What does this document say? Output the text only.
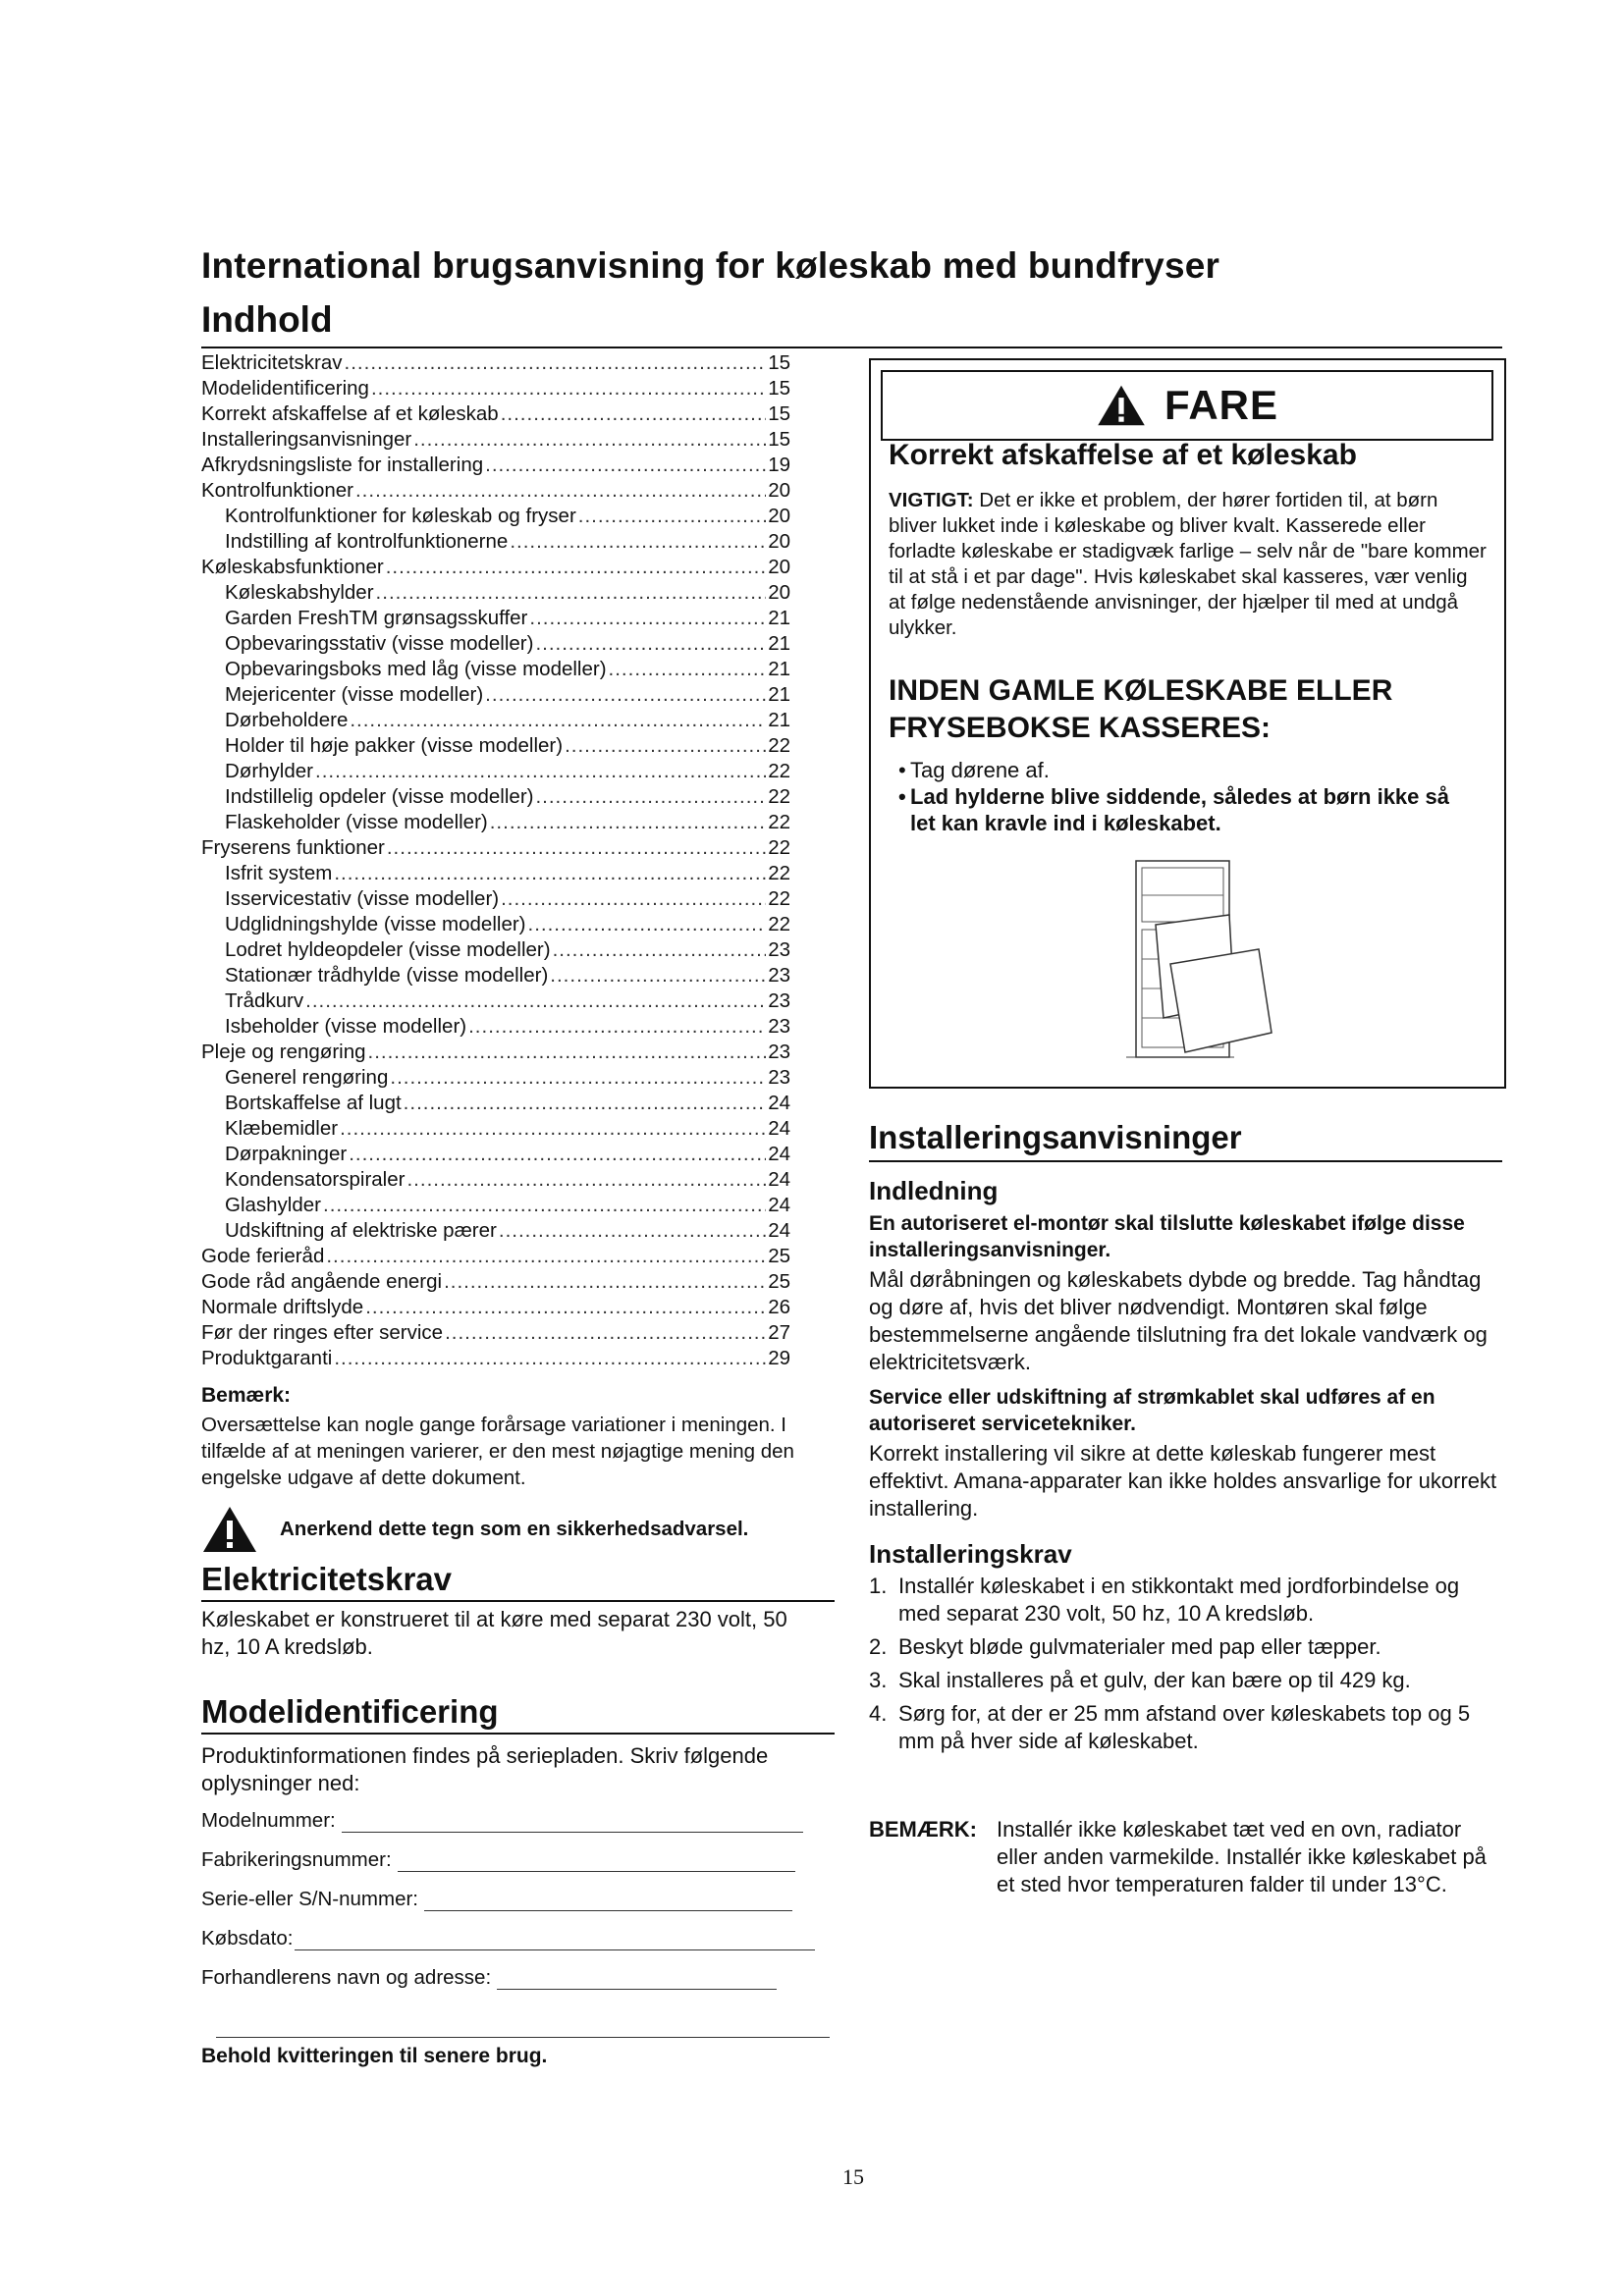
International brugsanvisning for køleskab med bundfryser
Indhold
Elektricitetskrav .....	15
Modelidentificering .....	15
Korrekt afskaffelse af et køleskab .....	15
Installeringsanvisninger .....	15
Afkrydsningsliste for installering .....	19
Kontrolfunktioner .....	20
Kontrolfunktioner for køleskab og fryser .....	20
Indstilling af kontrolfunktionerne .....	20
Køleskabsfunktioner .....	20
Køleskabshylder .....	20
Garden FreshTM grønsagsskuffer .....	21
Opbevaringsstativ (visse modeller) .....	21
Opbevaringsboks med låg (visse modeller) .....	21
Mejericenter (visse modeller) .....	21
Dørbeholdere .....	21
Holder til høje pakker (visse modeller) .....	22
Dørhylder .....	22
Indstillelig opdeler (visse modeller) .....	22
Flaskeholder (visse modeller) .....	22
Fryserens funktioner .....	22
Isfrit system .....	22
Isservicestativ (visse modeller) .....	22
Udglidningshylde (visse modeller) .....	22
Lodret hyldeopdeler (visse modeller) .....	23
Stationær trådhylde (visse modeller) .....	23
Trådkurv .....	23
Isbeholder (visse modeller) .....	23
Pleje og rengøring .....	23
Generel rengøring .....	23
Bortskaffelse af lugt .....	24
Klæbemidler .....	24
Dørpakninger .....	24
Kondensatorspiraler .....	24
Glashylder .....	24
Udskiftning af elektriske pærer .....	24
Gode ferieråd .....	25
Gode råd angående energi .....	25
Normale driftslyde .....	26
Før der ringes efter service .....	27
Produktgaranti .....	29
Bemærk:
Oversættelse kan nogle gange forårsage variationer i meningen. I tilfælde af at meningen varierer, er den mest nøjagtige mening den engelske udgave af dette dokument.
Anerkend dette tegn som en sikkerhedsadvarsel.
Elektricitetskrav
Køleskabet er konstrueret til at køre med separat 230 volt, 50 hz, 10 A kredsløb.
Modelidentificering
Produktinformationen findes på seriepladen. Skriv følgende oplysninger ned:
Modelnummer:
Fabrikeringsnummer:
Serie-eller S/N-nummer:
Købsdato:
Forhandlerens navn og adresse:
Behold kvitteringen til senere brug.
FARE
Korrekt afskaffelse af et køleskab
VIGTIGT: Det er ikke et problem, der hører fortiden til, at børn bliver lukket inde i køleskabe og bliver kvalt. Kasserede eller forladte køleskabe er stadigvæk farlige – selv når de "bare kommer til at stå i et par dage". Hvis køleskabet skal kasseres, vær venlig at følge nedenstående anvisninger, der hjælper til med at undgå ulykker.
INDEN GAMLE KØLESKABE ELLER FRYSEBOKSE KASSERES:
• Tag dørene af.
• Lad hylderne blive siddende, således at børn ikke så let kan kravle ind i køleskabet.
Installeringsanvisninger
Indledning
En autoriseret el-montør skal tilslutte køleskabet ifølge disse installeringsanvisninger.
Mål døråbningen og køleskabets dybde og bredde. Tag håndtag og døre af, hvis det bliver nødvendigt. Montøren skal følge bestemmelserne angående tilslutning fra det lokale vandværk og elektricitetsværk.
Service eller udskiftning af strømkablet skal udføres af en autoriseret servicetekniker.
Korrekt installering vil sikre at dette køleskab fungerer mest effektivt. Amana-apparater kan ikke holdes ansvarlige for ukorrekt installering.
Installeringskrav
1. Installér køleskabet i en stikkontakt med jordforbindelse og med separat 230 volt, 50 hz, 10 A kredsløb.
2. Beskyt bløde gulvmaterialer med pap eller tæpper.
3. Skal installeres på et gulv, der kan bære op til 429 kg.
4. Sørg for, at der er 25 mm afstand over køleskabets top og 5 mm på hver side af køleskabet.
BEMÆRK: Installér ikke køleskabet tæt ved en ovn, radiator eller anden varmekilde. Installér ikke køleskabet på et sted hvor temperaturen falder til under 13°C.
15
